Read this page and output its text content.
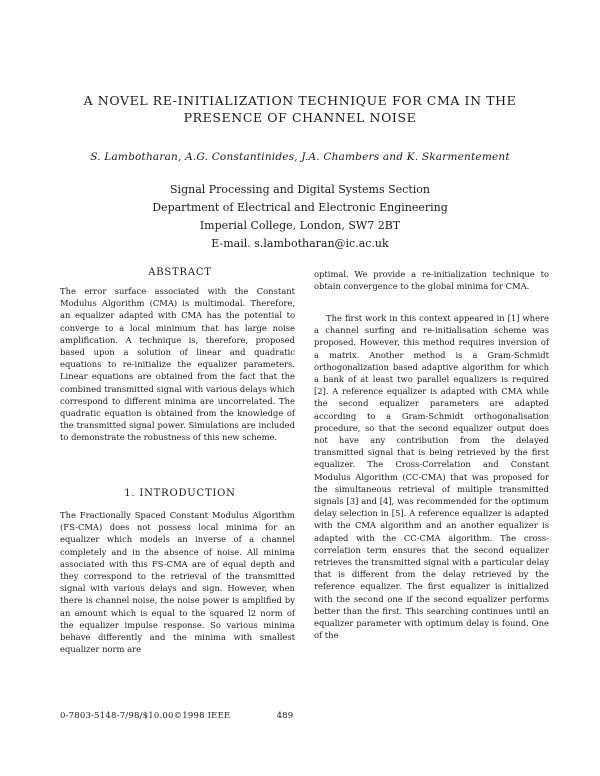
A NOVEL RE-INITIALIZATION TECHNIQUE FOR CMA IN THE
PRESENCE OF CHANNEL NOISE
S. Lambotharan, A.G. Constantinides, J.A. Chambers and K. Skarmentement
Signal Processing and Digital Systems Section
Department of Electrical and Electronic Engineering
Imperial College, London, SW7 2BT
E-mail. s.lambotharan@ic.ac.uk
ABSTRACT

The error surface associated with the Constant Modulus Algorithm (CMA) is multimodal. Therefore, an equalizer adapted with CMA has the potential to converge to a local minimum that has large noise amplification. A technique is, therefore, proposed based upon a solution of linear and quadratic equations to re-initialize the equalizer parameters. Linear equations are obtained from the fact that the combined transmitted signal with various delays which correspond to different minima are uncorrelated. The quadratic equation is obtained from the knowledge of the transmitted signal power. Simulations are included to demonstrate the robustness of this new scheme.

1. INTRODUCTION

The Fractionally Spaced Constant Modulus Algorithm (FS-CMA) does not possess local minima for an equalizer which models an inverse of a channel completely and in the absence of noise. All minima associated with this FS-CMA are of equal depth and they correspond to the retrieval of the transmitted signal with various delays and sign. However, when there is channel noise, the noise power is amplified by an amount which is equal to the squared l2 norm of the equalizer impulse response. So various minima behave differently and the minima with smallest equalizer norm are

optimal. We provide a re-initialization technique to obtain convergence to the global minima for CMA.

The first work in this context appeared in [1] where a channel surfing and re-initialisation scheme was proposed. However, this method requires inversion of a matrix. Another method is a Gram-Schmidt orthogonalization based adaptive algorithm for which a bank of at least two parallel equalizers is required [2]. A reference equalizer is adapted with CMA while the second equalizer parameters are adapted according to a Gram-Schmidt orthogonalisation procedure, so that the second equalizer output does not have any contribution from the delayed transmitted signal that is being retrieved by the first equalizer. The Cross-Correlation and Constant Modulus Algorithm (CC-CMA) that was proposed for the simultaneous retrieval of multiple transmitted signals [3] and [4], was recommended for the optimum delay selection in [5]. A reference equalizer is adapted with the CMA algorithm and an another equalizer is adapted with the CC-CMA algorithm. The cross-correlation term ensures that the second equalizer retrieves the transmitted signal with a particular delay that is different from the delay retrieved by the reference equalizer. The first equalizer is initialized with the second one if the second equalizer performs better than the first. This searching continues until an equalizer parameter with optimum delay is found. One of the

0-7803-5148-7/98/$10.00©1998 IEEE	489
